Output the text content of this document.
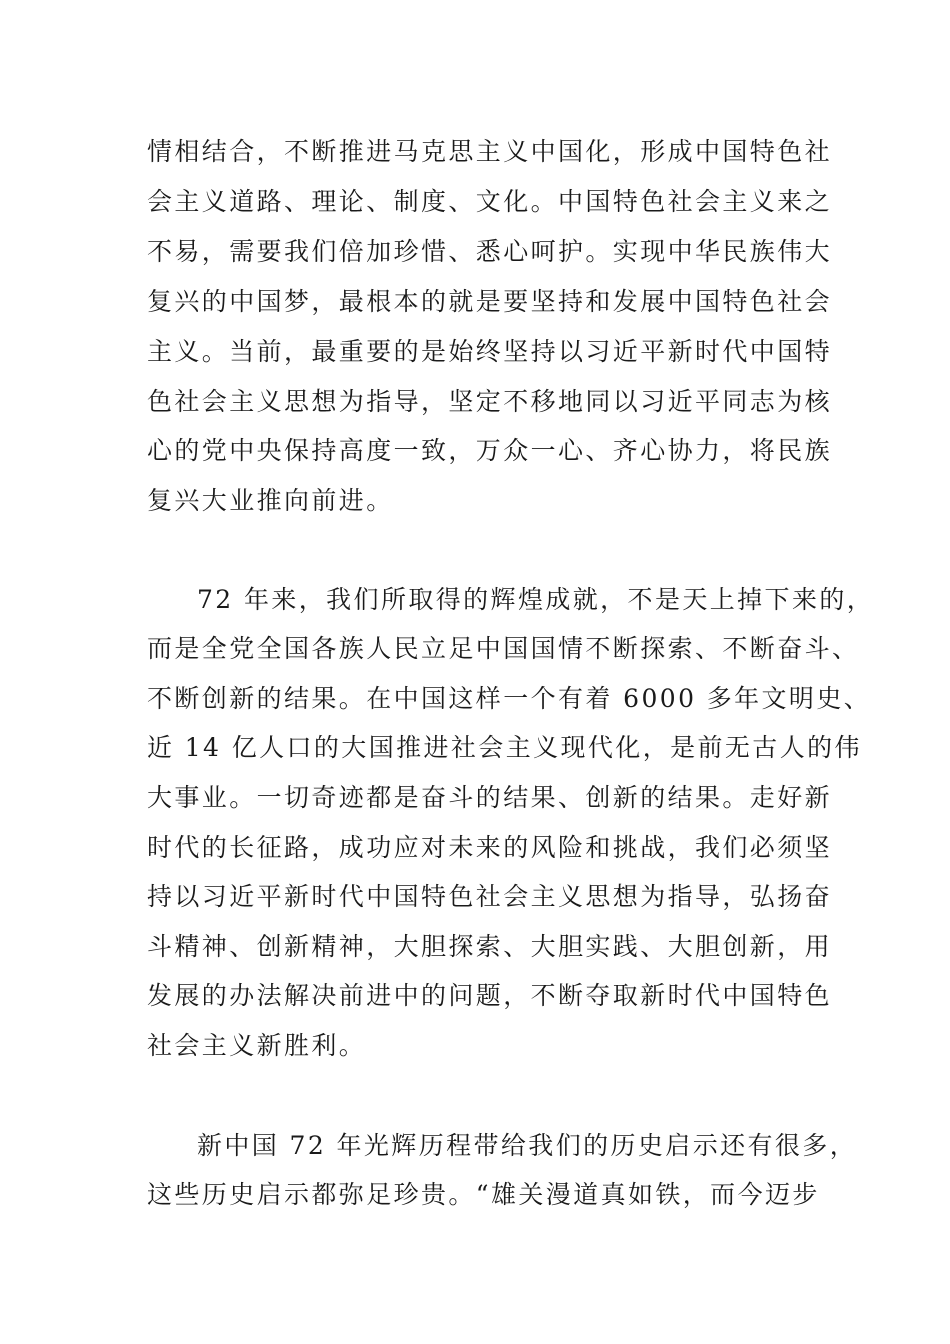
情相结合，不断推进马克思主义中国化，形成中国特色社
会主义道路、理论、制度、文化。中国特色社会主义来之
不易，需要我们倍加珍惜、悉心呵护。实现中华民族伟大
复兴的中国梦，最根本的就是要坚持和发展中国特色社会
主义。当前，最重要的是始终坚持以习近平新时代中国特
色社会主义思想为指导，坚定不移地同以习近平同志为核
心的党中央保持高度一致，万众一心、齐心协力，将民族
复兴大业推向前进。
72 年来，我们所取得的辉煌成就，不是天上掉下来的，
而是全党全国各族人民立足中国国情不断探索、不断奋斗、
不断创新的结果。在中国这样一个有着 6000 多年文明史、
近 14 亿人口的大国推进社会主义现代化，是前无古人的伟
大事业。一切奇迹都是奋斗的结果、创新的结果。走好新
时代的长征路，成功应对未来的风险和挑战，我们必须坚
持以习近平新时代中国特色社会主义思想为指导，弘扬奋
斗精神、创新精神，大胆探索、大胆实践、大胆创新，用
发展的办法解决前进中的问题，不断夺取新时代中国特色
社会主义新胜利。
新中国 72 年光辉历程带给我们的历史启示还有很多，
这些历史启示都弥足珍贵。“雄关漫道真如铁，而今迈步
